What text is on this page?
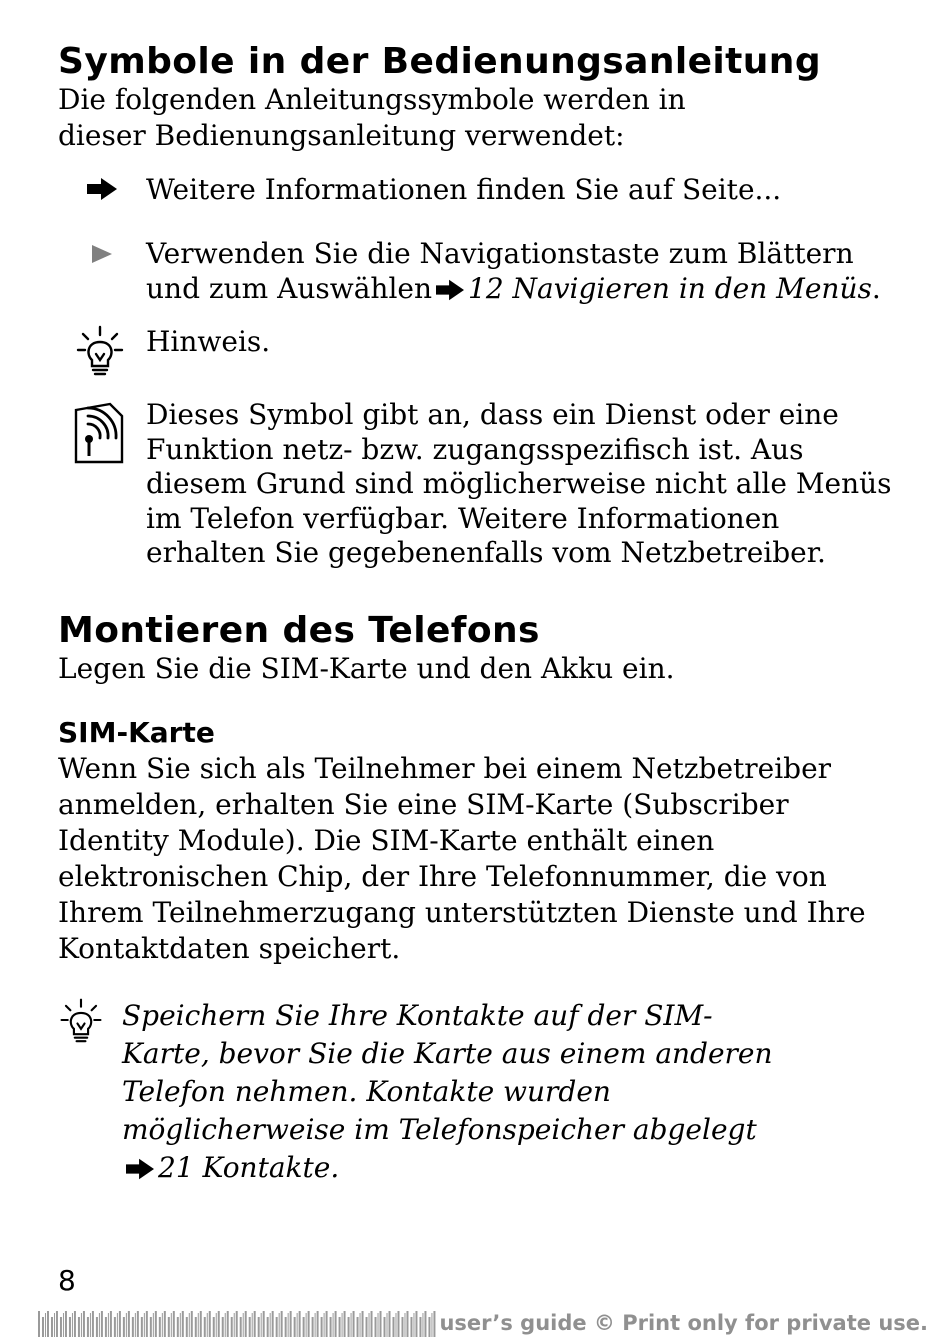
Symbole in der Bedienungsanleitung

Die folgenden Anleitungssymbole werden in dieser Bedienungsanleitung verwendet:

Weitere Informationen finden Sie auf Seite...
Verwenden Sie die Navigationstaste zum Blättern und zum Auswählen 12 Navigieren in den Menüs.
Hinweis.
Dieses Symbol gibt an, dass ein Dienst oder eine Funktion netz- bzw. zugangsspezifisch ist. Aus diesem Grund sind möglicherweise nicht alle Menüs im Telefon verfügbar. Weitere Informationen erhalten Sie gegebenenfalls vom Netzbetreiber.
Montieren des Telefons

Legen Sie die SIM-Karte und den Akku ein.

SIM-Karte

Wenn Sie sich als Teilnehmer bei einem Netzbetreiber anmelden, erhalten Sie eine SIM-Karte (Subscriber Identity Module). Die SIM-Karte enthält einen elektronischen Chip, der Ihre Telefonnummer, die von Ihrem Teilnehmerzugang unterstützten Dienste und Ihre Kontaktdaten speichert.

Speichern Sie Ihre Kontakte auf der SIM-Karte, bevor Sie die Karte aus einem anderen Telefon nehmen. Kontakte wurden möglicherweise im Telefonspeicher abgelegt21 Kontakte.
8
user’s guide © Print only for private use.
